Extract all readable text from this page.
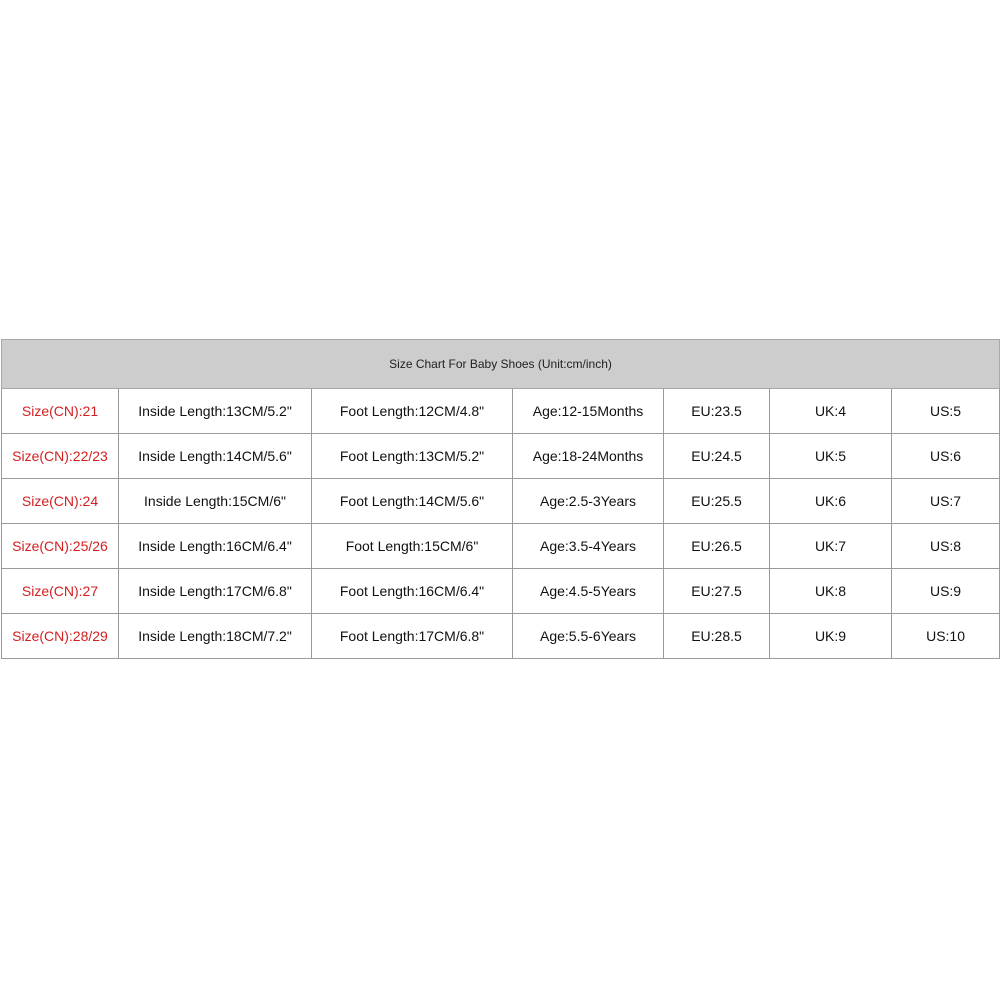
Size Chart For Baby Shoes (Unit:cm/inch)						
Size(CN):21	Inside Length:13CM/5.2"	Foot Length:12CM/4.8"	Age:12-15Months	EU:23.5	UK:4	US:5
Size(CN):22/23	Inside Length:14CM/5.6"	Foot Length:13CM/5.2"	Age:18-24Months	EU:24.5	UK:5	US:6
Size(CN):24	Inside Length:15CM/6"	Foot Length:14CM/5.6"	Age:2.5-3Years	EU:25.5	UK:6	US:7
Size(CN):25/26	Inside Length:16CM/6.4"	Foot Length:15CM/6"	Age:3.5-4Years	EU:26.5	UK:7	US:8
Size(CN):27	Inside Length:17CM/6.8"	Foot Length:16CM/6.4"	Age:4.5-5Years	EU:27.5	UK:8	US:9
Size(CN):28/29	Inside Length:18CM/7.2"	Foot Length:17CM/6.8"	Age:5.5-6Years	EU:28.5	UK:9	US:10
